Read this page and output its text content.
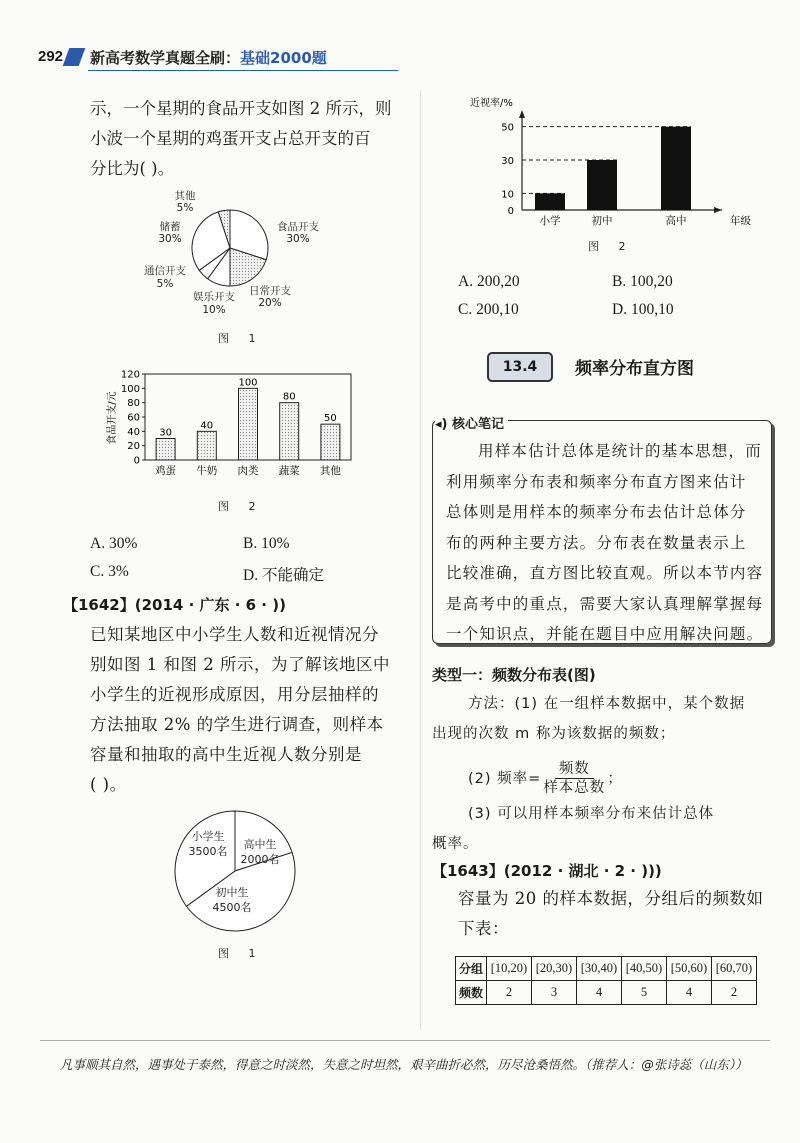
292 新高考数学真题全刷：基础2000题

示，一个星期的食品开支如图 2 所示，则

小波一个星期的鸡蛋开支占总开支的百

分比为( )。

其他
5%
储蓄
30%
食品开支
30%
通信开支
5%
日常开支
20%
娱乐开支
10%
图 1
0
20
40
60
80
100
120
30
鸡蛋
40
牛奶
100
肉类
80
蔬菜
50
其他
食品开支/元
图 2
A. 30%	B. 10%
C. 3%	D. 不能确定
【1642】(2014 · 广东 · 6 · ))

已知某地区中小学生人数和近视情况分

别如图 1 和图 2 所示，为了解该地区中

小学生的近视形成原因，用分层抽样的

方法抽取 2% 的学生进行调查，则样本

容量和抽取的高中生近视人数分别是

( )。

小学生
3500名
高中生
2000名
初中生
4500名
图 1
年级
0
10
30
50
小学	初中	高中
近视率/%
图 2
A. 200,20	B. 100,20
C. 200,10	D. 100,10
13.4	频率分布直方图
◂) 核心笔记
用样本估计总体是统计的基本思想，而
利用频率分布表和频率分布直方图来估计
总体则是用样本的频率分布去估计总体分
布的两种主要方法。分布表在数量表示上
比较准确，直方图比较直观。所以本节内容
是高考中的重点，需要大家认真理解掌握每
一个知识点，并能在题目中应用解决问题。
类型一：频数分布表(图)
方法：(1) 在一组样本数据中，某个数据
出现的次数 m 称为该数据的频数；
(2) 频率=
频数
样本总数
；
(3) 可以用样本频率分布来估计总体
概率。
【1643】(2012 · 湖北 · 2 · )))

容量为 20 的样本数据，分组后的频数如

下表：

分组	[10,20)	[20,30)	[30,40)	[40,50)	[50,60)	[60,70)
频数	2	3	4	5	4	2
凡事顺其自然，遇事处于泰然，得意之时淡然，失意之时坦然，艰辛曲折必然，历尽沧桑悟然。（推荐人：@张诗蕊（山东））
